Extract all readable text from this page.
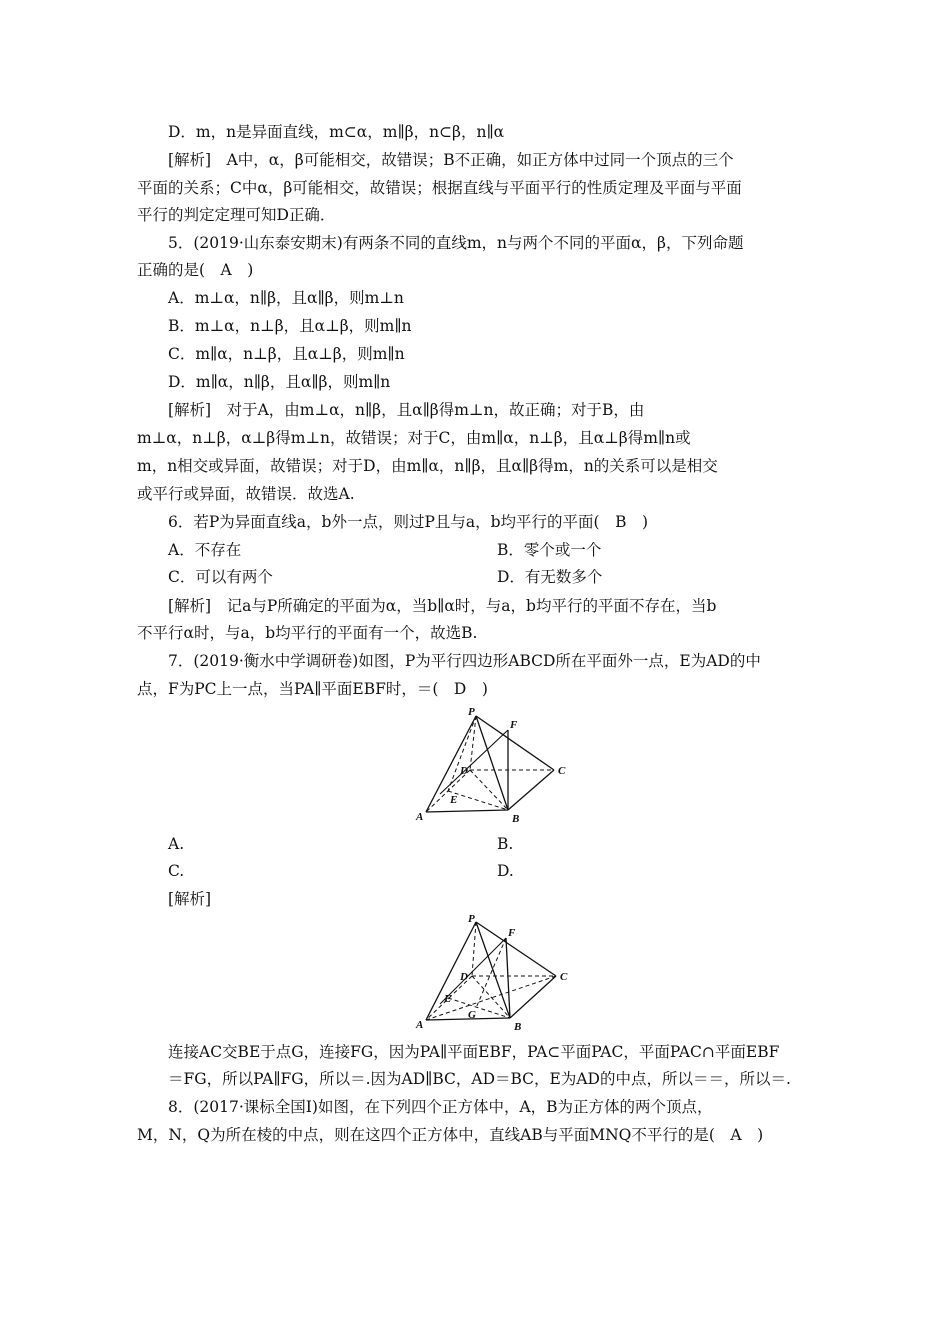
D．m，n是异面直线，m⊂α，m∥β，n⊂β，n∥α
[解析]　A中，α，β可能相交，故错误；B不正确，如正方体中过同一个顶点的三个
平面的关系；C中α，β可能相交，故错误；根据直线与平面平行的性质定理及平面与平面
平行的判定定理可知D正确．
5．(2019·山东泰安期末)有两条不同的直线m，n与两个不同的平面α，β，下列命题
正确的是(　A　)
A．m⊥α，n∥β，且α∥β，则m⊥n
B．m⊥α，n⊥β，且α⊥β，则m∥n
C．m∥α，n⊥β，且α⊥β，则m∥n
D．m∥α，n∥β，且α∥β，则m∥n
[解析]　对于A，由m⊥α，n∥β，且α∥β得m⊥n，故正确；对于B，由
m⊥α，n⊥β，α⊥β得m⊥n，故错误；对于C，由m∥α，n⊥β，且α⊥β得m∥n或
m，n相交或异面，故错误；对于D，由m∥α，n∥β，且α∥β得m，n的关系可以是相交
或平行或异面，故错误．故选A.
6．若P为异面直线a，b外一点，则过P且与a，b均平行的平面(　B　)
A．不存在	B．零个或一个
C．可以有两个	D．有无数多个
[解析]　记a与P所确定的平面为α，当b∥α时，与a，b均平行的平面不存在，当b
不平行α时，与a，b均平行的平面有一个，故选B.
7．(2019·衡水中学调研卷)如图，P为平行四边形ABCD所在平面外一点，E为AD的中
点，F为PC上一点，当PA∥平面EBF时，＝(　D　)
P
F
D	C
E
A	B
A.	B.
C.	D.
[解析]
P
F
D	C
E
G
A	B
连接AC交BE于点G，连接FG，因为PA∥平面EBF，PA⊂平面PAC，平面PAC∩平面EBF
＝FG，所以PA∥FG，所以＝.因为AD∥BC，AD＝BC，E为AD的中点，所以＝＝，所以＝.
8．(2017·课标全国Ⅰ)如图，在下列四个正方体中，A，B为正方体的两个顶点，
M，N，Q为所在棱的中点，则在这四个正方体中，直线AB与平面MNQ不平行的是(　A　)
